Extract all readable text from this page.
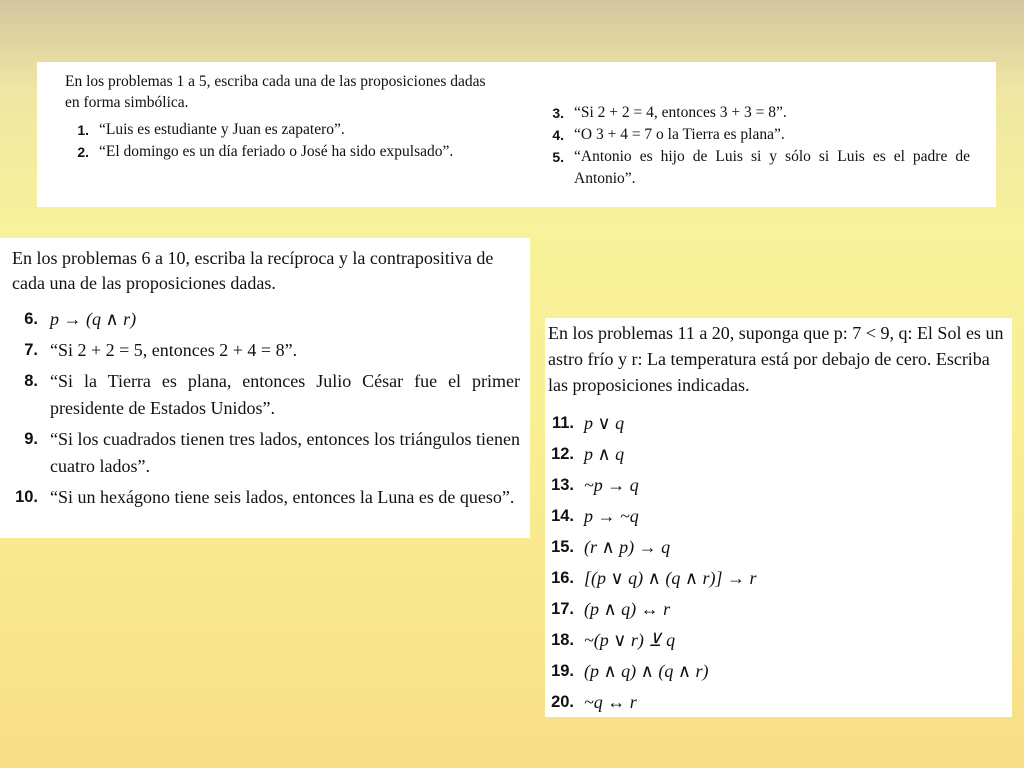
En los problemas 1 a 5, escriba cada una de las proposiciones dadas en forma simbólica.
1. “Luis es estudiante y Juan es zapatero”.
2. “El domingo es un día feriado o José ha sido expulsado”.
3. “Si 2 + 2 = 4, entonces 3 + 3 = 8”.
4. “O 3 + 4 = 7 o la Tierra es plana”.
5. “Antonio es hijo de Luis si y sólo si Luis es el padre de Antonio”.
En los problemas 6 a 10, escriba la recíproca y la contrapositiva de cada una de las proposiciones dadas.
6. p → (q ∧ r)
7. “Si 2 + 2 = 5, entonces 2 + 4 = 8”.
8. “Si la Tierra es plana, entonces Julio César fue el primer presidente de Estados Unidos”.
9. “Si los cuadrados tienen tres lados, entonces los triángulos tienen cuatro lados”.
10. “Si un hexágono tiene seis lados, entonces la Luna es de queso”.
En los problemas 11 a 20, suponga que p: 7 < 9, q: El Sol es un astro frío y r: La temperatura está por debajo de cero. Escriba las proposiciones indicadas.
11. p ∨ q
12. p ∧ q
13. ~p → q
14. p → ~q
15. (r ∧ p) → q
16. [(p ∨ q) ∧ (q ∧ r)] → r
17. (p ∧ q) ↔ r
18. ~(p ∨ r) ⊻ q
19. (p ∧ q) ∧ (q ∧ r)
20. ~q ↔ r
